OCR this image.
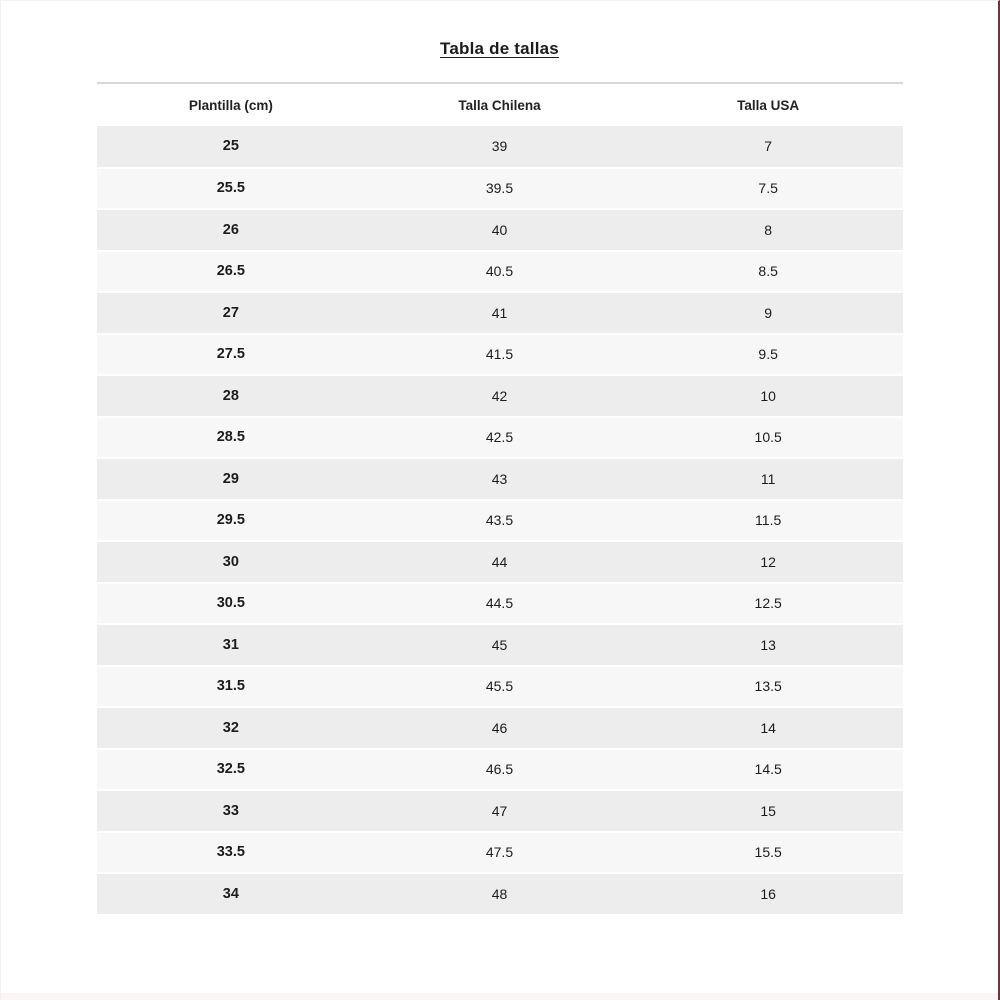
Tabla de tallas
Plantilla (cm)	Talla Chilena	Talla USA
25	39	7
25.5	39.5	7.5
26	40	8
26.5	40.5	8.5
27	41	9
27.5	41.5	9.5
28	42	10
28.5	42.5	10.5
29	43	11
29.5	43.5	11.5
30	44	12
30.5	44.5	12.5
31	45	13
31.5	45.5	13.5
32	46	14
32.5	46.5	14.5
33	47	15
33.5	47.5	15.5
34	48	16
